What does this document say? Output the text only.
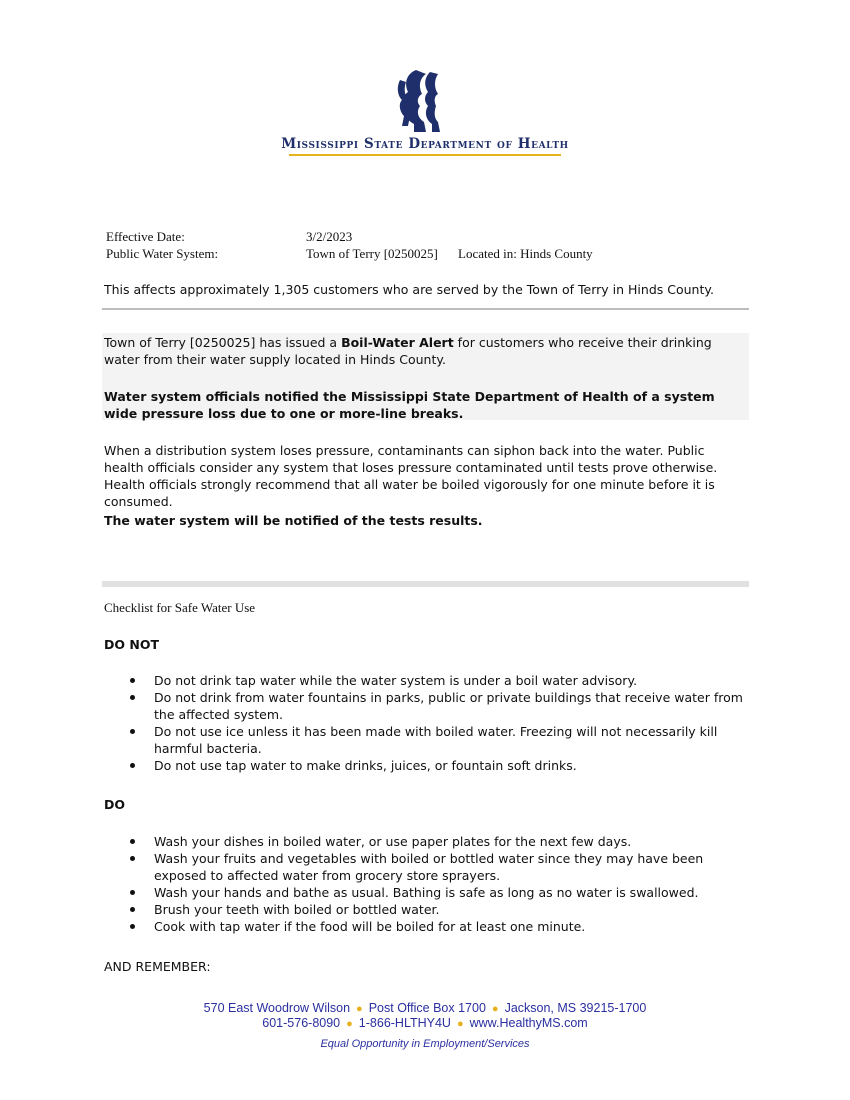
Mississippi State Department of Health
Effective Date:	3/2/2023
Public Water System:	Town of Terry [0250025] Located in: Hinds County
This affects approximately 1,305 customers who are served by the Town of Terry in Hinds County.
Town of Terry [0250025] has issued a Boil-Water Alert for customers who receive their drinking water from their water supply located in Hinds County.
Water system officials notified the Mississippi State Department of Health of a system wide pressure loss due to one or more-line breaks.
When a distribution system loses pressure, contaminants can siphon back into the water. Public health officials consider any system that loses pressure contaminated until tests prove otherwise. Health officials strongly recommend that all water be boiled vigorously for one minute before it is consumed.
The water system will be notified of the tests results.
Checklist for Safe Water Use
DO NOT
Do not drink tap water while the water system is under a boil water advisory.
Do not drink from water fountains in parks, public or private buildings that receive water from the affected system.
Do not use ice unless it has been made with boiled water. Freezing will not necessarily kill harmful bacteria.
Do not use tap water to make drinks, juices, or fountain soft drinks.
DO
Wash your dishes in boiled water, or use paper plates for the next few days.
Wash your fruits and vegetables with boiled or bottled water since they may have been exposed to affected water from grocery store sprayers.
Wash your hands and bathe as usual. Bathing is safe as long as no water is swallowed.
Brush your teeth with boiled or bottled water.
Cook with tap water if the food will be boiled for at least one minute.
AND REMEMBER:
570 East Woodrow Wilson ● Post Office Box 1700 ● Jackson, MS 39215-1700
601-576-8090 ● 1-866-HLTHY4U ● www.HealthyMS.com
Equal Opportunity in Employment/Services
